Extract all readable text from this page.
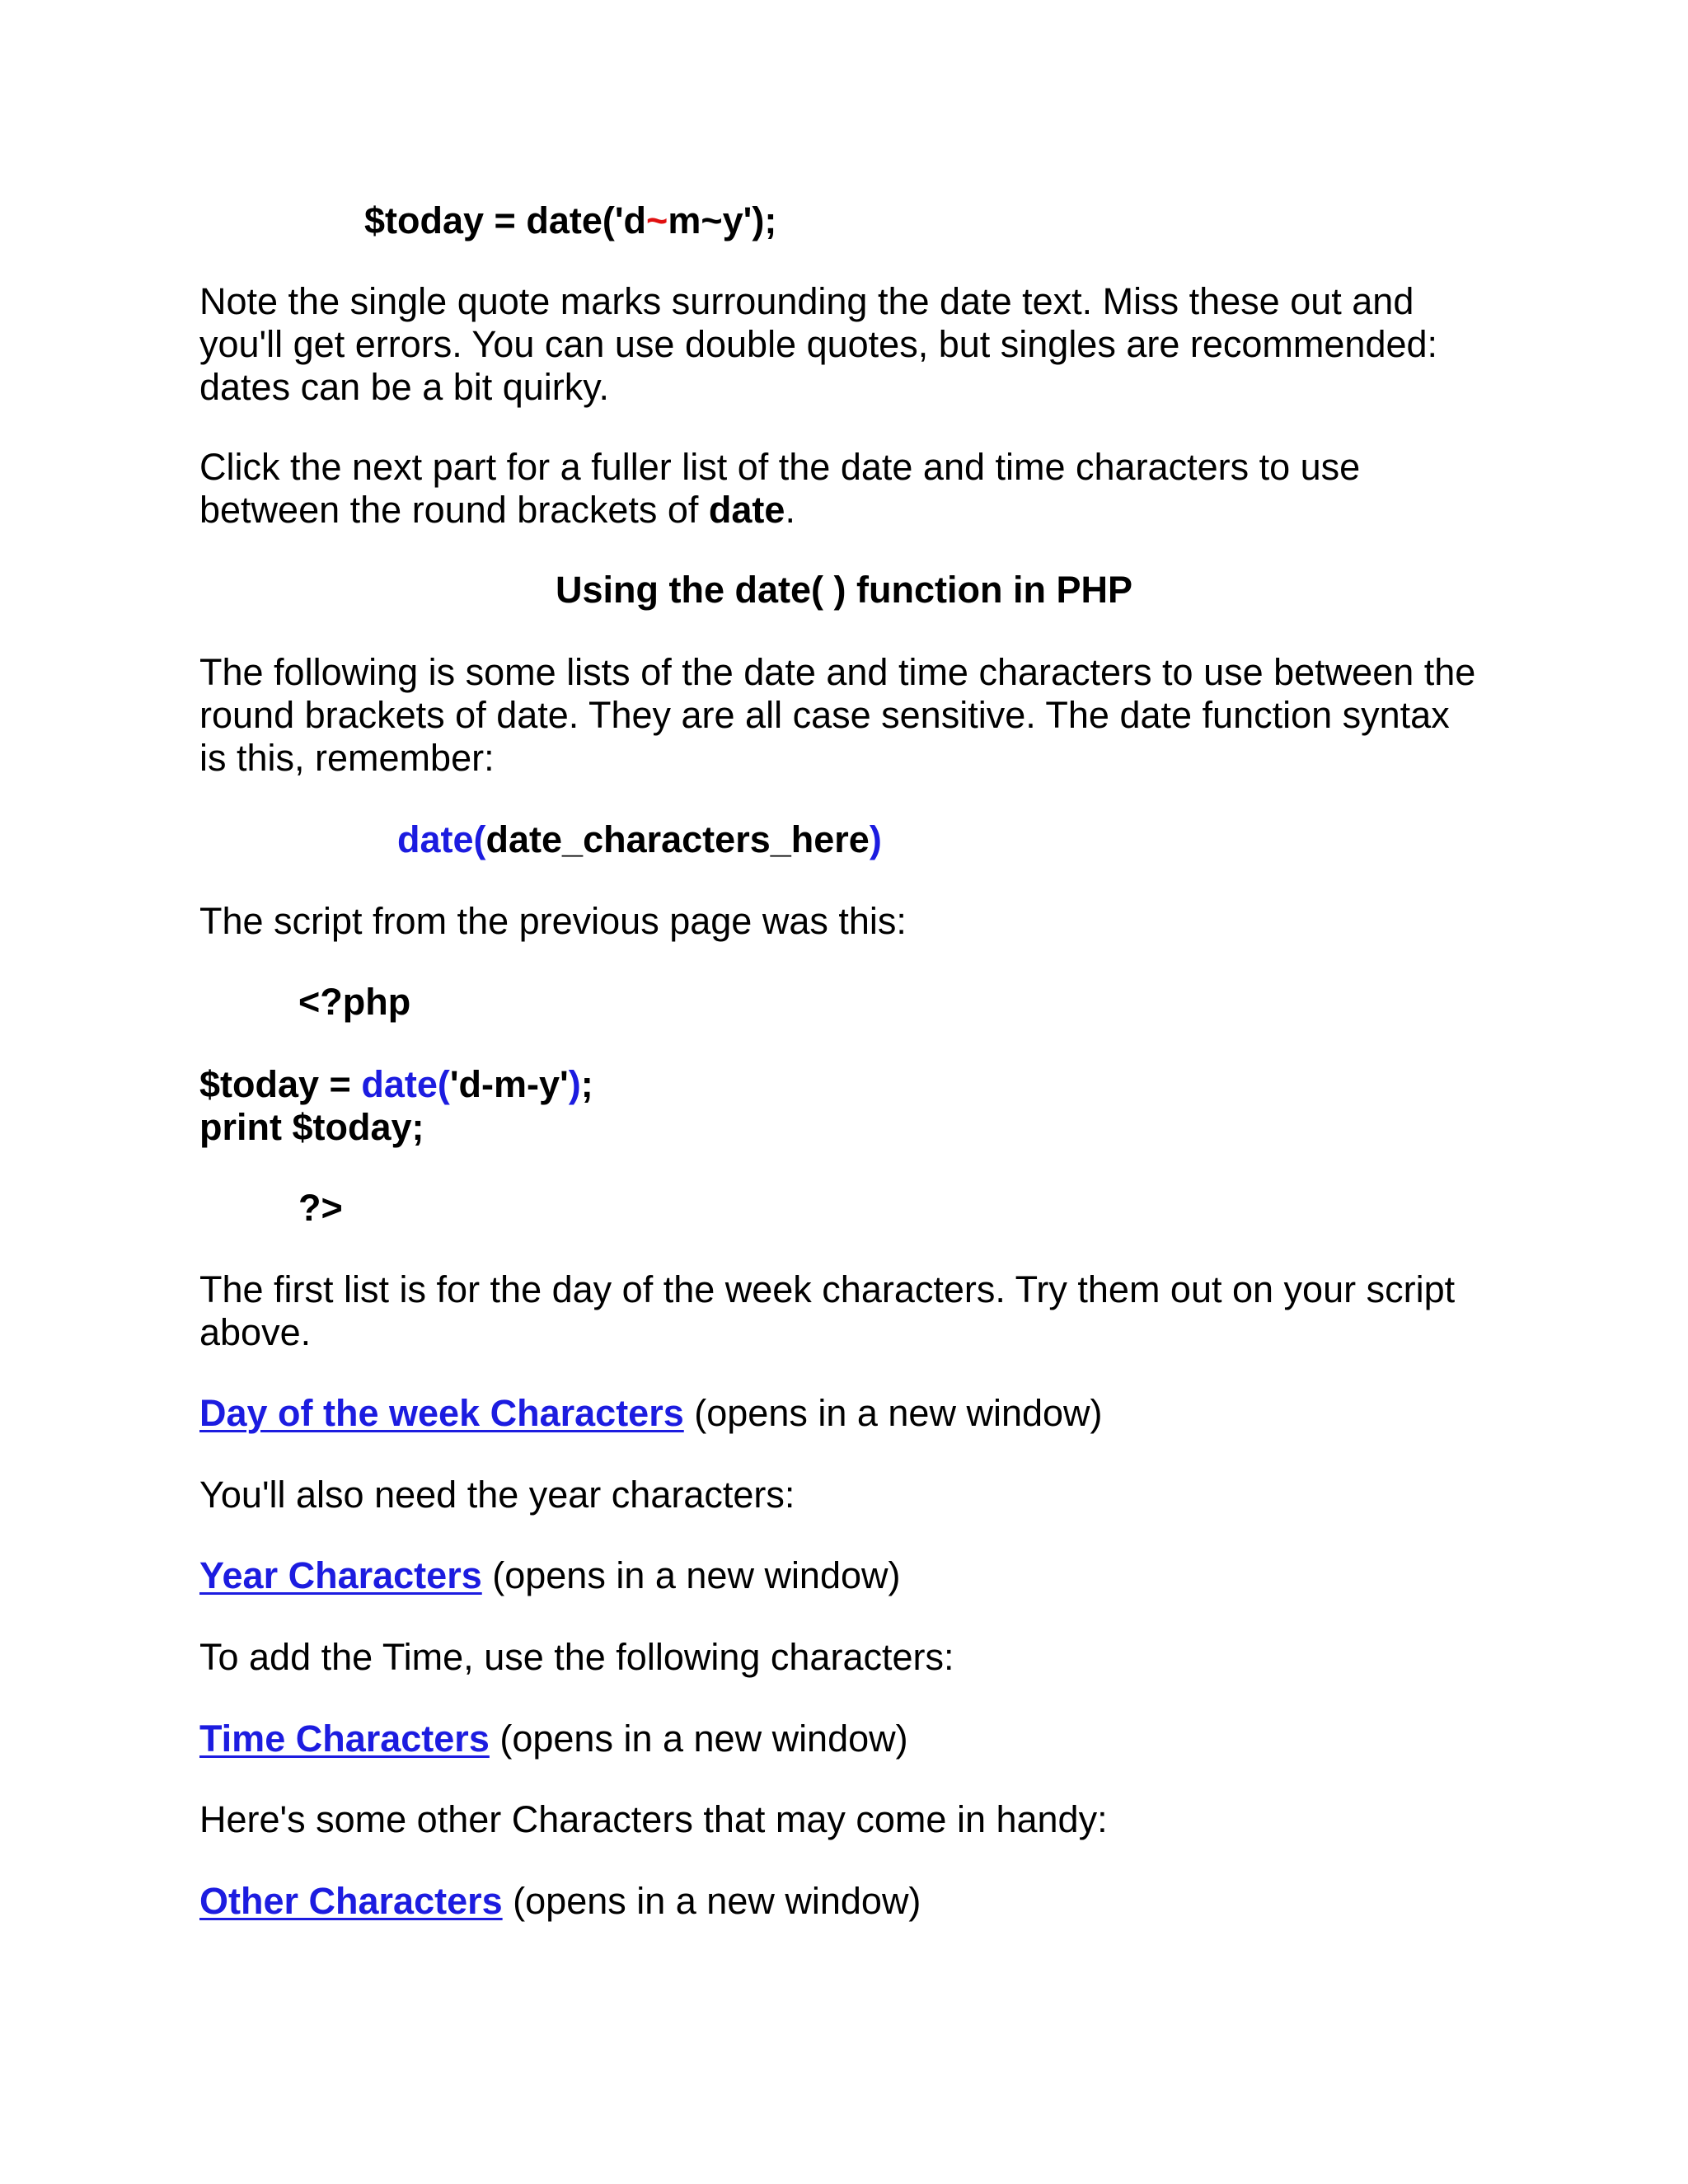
$today = date('d~m~y');

Note the single quote marks surrounding the date text. Miss these out and

you'll get errors. You can use double quotes, but singles are recommended:

dates can be a bit quirky.

Click the next part for a fuller list of the date and time characters to use

between the round brackets of date.

Using the date( ) function in PHP

The following is some lists of the date and time characters to use between the

round brackets of date. They are all case sensitive. The date function syntax

is this, remember:

date(date_characters_here)

The script from the previous page was this:

<?php

$today = date('d-m-y');

print $today;

?>

The first list is for the day of the week characters. Try them out on your script

above.

Day of the week Characters (opens in a new window)

You'll also need the year characters:

Year Characters (opens in a new window)

To add the Time, use the following characters:

Time Characters (opens in a new window)

Here's some other Characters that may come in handy:

Other Characters (opens in a new window)
